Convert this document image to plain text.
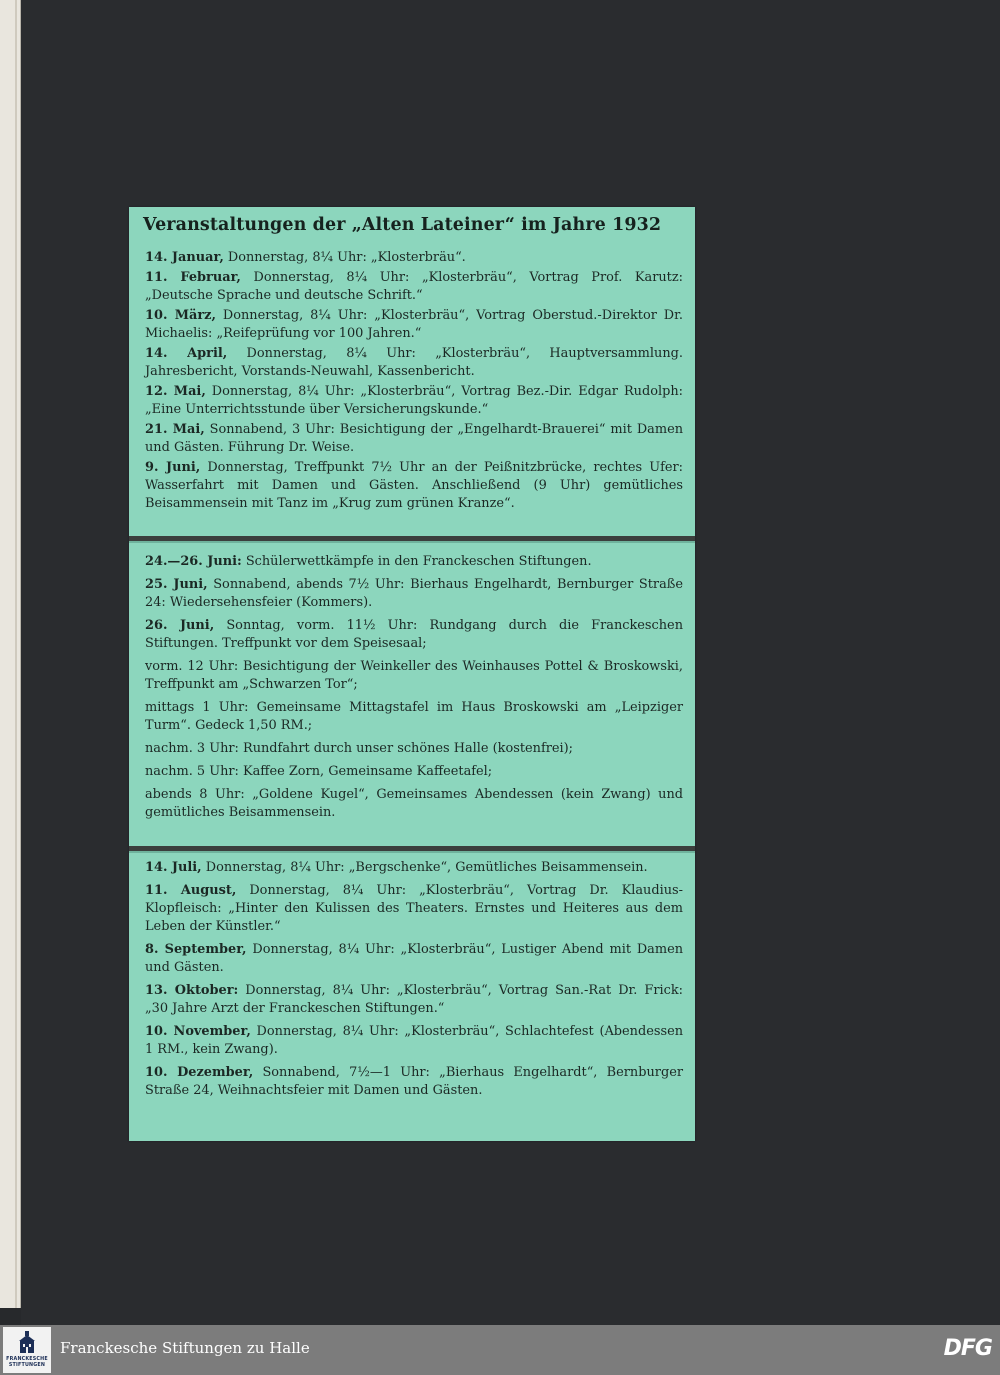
Veranstaltungen der „Alten Lateiner“ im Jahre 1932

14. Januar, Donnerstag, 8¼ Uhr: „Klosterbräu“.

11. Februar, Donnerstag, 8¼ Uhr: „Klosterbräu“, Vortrag Prof. Karutz: „Deutsche Sprache und deutsche Schrift.“

10. März, Donnerstag, 8¼ Uhr: „Klosterbräu“, Vortrag Oberstud.-Direktor Dr. Michaelis: „Reifeprüfung vor 100 Jahren.“

14. April, Donnerstag, 8¼ Uhr: „Klosterbräu“, Hauptversammlung. Jahresbericht, Vorstands-Neuwahl, Kassenbericht.

12. Mai, Donnerstag, 8¼ Uhr: „Klosterbräu“, Vortrag Bez.-Dir. Edgar Rudolph: „Eine Unterrichtsstunde über Versicherungskunde.“

21. Mai, Sonnabend, 3 Uhr: Besichtigung der „Engelhardt-Brauerei“ mit Damen und Gästen. Führung Dr. Weise.

9. Juni, Donnerstag, Treffpunkt 7½ Uhr an der Peißnitzbrücke, rechtes Ufer: Wasserfahrt mit Damen und Gästen. Anschließend (9 Uhr) gemütliches Beisammensein mit Tanz im „Krug zum grünen Kranze“.

24.—26. Juni: Schülerwettkämpfe in den Franckeschen Stiftungen.

25. Juni, Sonnabend, abends 7½ Uhr: Bierhaus Engelhardt, Bernburger Straße 24: Wiedersehensfeier (Kommers).

26. Juni, Sonntag, vorm. 11½ Uhr: Rundgang durch die Franckeschen Stiftungen. Treffpunkt vor dem Speisesaal;

vorm. 12 Uhr: Besichtigung der Weinkeller des Weinhauses Pottel & Broskowski, Treffpunkt am „Schwarzen Tor“;

mittags 1 Uhr: Gemeinsame Mittagstafel im Haus Broskowski am „Leipziger Turm“. Gedeck 1,50 RM.;

nachm. 3 Uhr: Rundfahrt durch unser schönes Halle (kostenfrei);

nachm. 5 Uhr: Kaffee Zorn, Gemeinsame Kaffeetafel;

abends 8 Uhr: „Goldene Kugel“, Gemeinsames Abendessen (kein Zwang) und gemütliches Beisammensein.

14. Juli, Donnerstag, 8¼ Uhr: „Bergschenke“, Gemütliches Beisammensein.

11. August, Donnerstag, 8¼ Uhr: „Klosterbräu“, Vortrag Dr. Klaudius-Klopfleisch: „Hinter den Kulissen des Theaters. Ernstes und Heiteres aus dem Leben der Künstler.“

8. September, Donnerstag, 8¼ Uhr: „Klosterbräu“, Lustiger Abend mit Damen und Gästen.

13. Oktober: Donnerstag, 8¼ Uhr: „Klosterbräu“, Vortrag San.-Rat Dr. Frick: „30 Jahre Arzt der Franckeschen Stiftungen.“

10. November, Donnerstag, 8¼ Uhr: „Klosterbräu“, Schlachtefest (Abendessen 1 RM., kein Zwang).

10. Dezember, Sonnabend, 7½—1 Uhr: „Bierhaus Engelhardt“, Bernburger Straße 24, Weihnachtsfeier mit Damen und Gästen.

FRANCKESCHE
STIFTUNGEN
Franckesche Stiftungen zu Halle	DFG
